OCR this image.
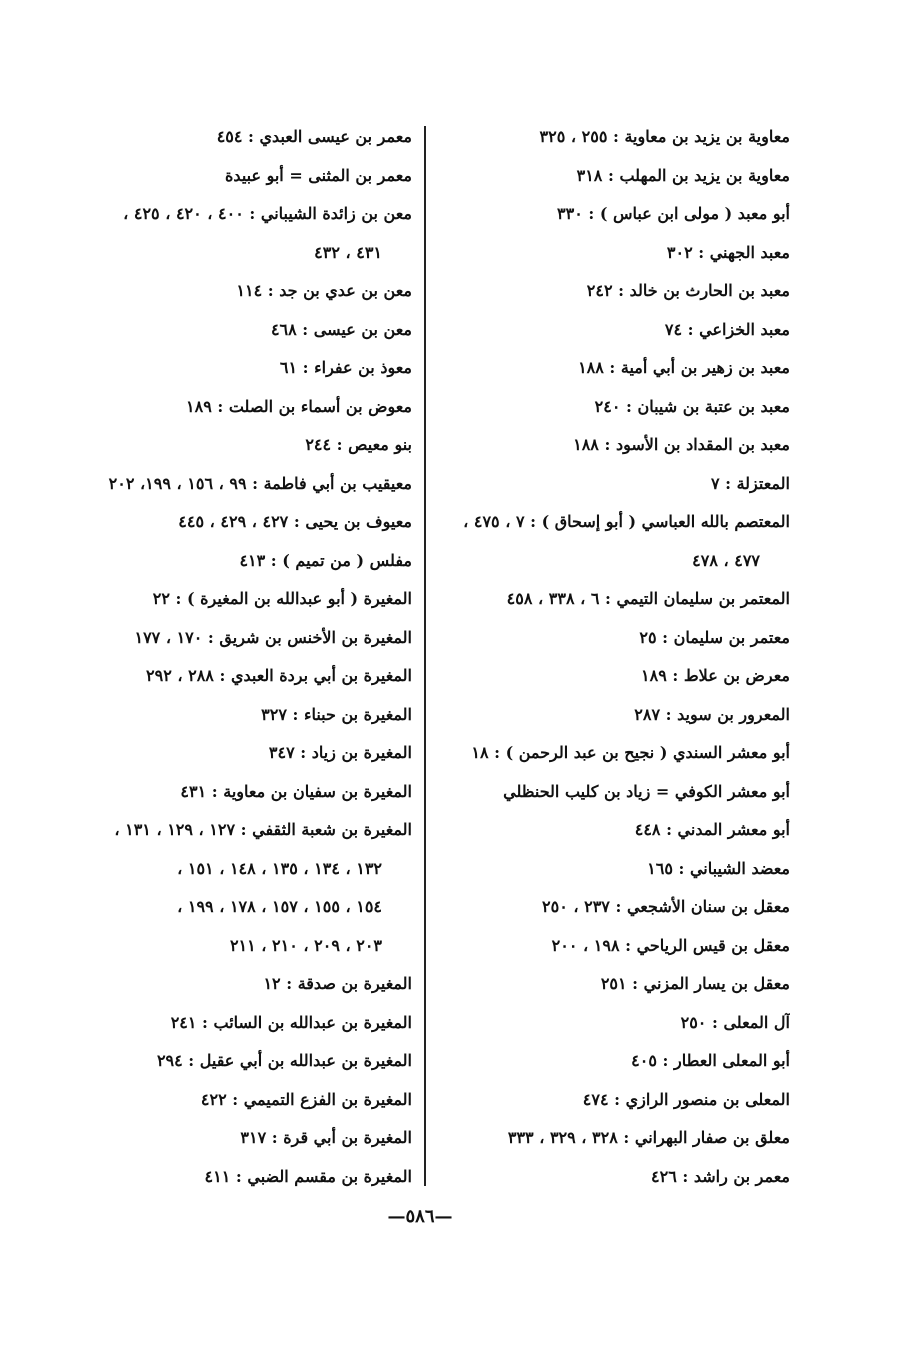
معاوية بن يزيد بن معاوية : ٢٥٥ ، ٣٢٥
معاوية بن يزيد بن المهلب : ٣١٨
أبو معبد ( مولى ابن عباس ) : ٣٣٠
معبد الجهني : ٣٠٢
معبد بن الحارث بن خالد : ٢٤٢
معبد الخزاعي : ٧٤
معبد بن زهير بن أبي أمية : ١٨٨
معبد بن عتبة بن شيبان : ٢٤٠
معبد بن المقداد بن الأسود : ١٨٨
المعتزلة : ٧
المعتصم بالله العباسي ( أبو إسحاق ) : ٧ ، ٤٧٥ ،
٤٧٧ ، ٤٧٨
المعتمر بن سليمان التيمي : ٦ ، ٣٣٨ ، ٤٥٨
معتمر بن سليمان : ٢٥
معرض بن علاط : ١٨٩
المعرور بن سويد : ٢٨٧
أبو معشر السندي ( نجيح بن عبد الرحمن ) : ١٨
أبو معشر الكوفي = زياد بن كليب الحنظلي
أبو معشر المدني : ٤٤٨
معضد الشيباني : ١٦٥
معقل بن سنان الأشجعي : ٢٣٧ ، ٢٥٠
معقل بن قيس الرياحي : ١٩٨ ، ٢٠٠
معقل بن يسار المزني : ٢٥١
آل المعلى : ٢٥٠
أبو المعلى العطار : ٤٠٥
المعلى بن منصور الرازي : ٤٧٤
معلق بن صفار البهراني : ٣٢٨ ، ٣٢٩ ، ٣٣٣
معمر بن راشد : ٤٢٦
معمر بن عيسى العبدي : ٤٥٤
معمر بن المثنى = أبو عبيدة
معن بن زائدة الشيباني : ٤٠٠ ، ٤٢٠ ، ٤٢٥ ،
٤٣١ ، ٤٣٢
معن بن عدي بن جد : ١١٤
معن بن عيسى : ٤٦٨
معوذ بن عفراء : ٦١
معوض بن أسماء بن الصلت : ١٨٩
بنو معيص : ٢٤٤
معيقيب بن أبي فاطمة : ٩٩ ، ١٥٦ ، ١٩٩، ٢٠٢
معيوف بن يحيى : ٤٢٧ ، ٤٢٩ ، ٤٤٥
مفلس ( من تميم ) : ٤١٣
المغيرة ( أبو عبدالله بن المغيرة ) : ٢٢
المغيرة بن الأخنس بن شريق : ١٧٠ ، ١٧٧
المغيرة بن أبي بردة العبدي : ٢٨٨ ، ٢٩٢
المغيرة بن حبناء : ٣٢٧
المغيرة بن زياد : ٣٤٧
المغيرة بن سفيان بن معاوية : ٤٣١
المغيرة بن شعبة الثقفي : ١٢٧ ، ١٢٩ ، ١٣١ ،
١٣٢ ، ١٣٤ ، ١٣٥ ، ١٤٨ ، ١٥١ ،
١٥٤ ، ١٥٥ ، ١٥٧ ، ١٧٨ ، ١٩٩ ،
٢٠٣ ، ٢٠٩ ، ٢١٠ ، ٢١١
المغيرة بن صدقة : ١٢
المغيرة بن عبدالله بن السائب : ٢٤١
المغيرة بن عبدالله بن أبي عقيل : ٢٩٤
المغيرة بن الفزع التميمي : ٤٢٢
المغيرة بن أبي قرة : ٣١٧
المغيرة بن مقسم الضبي : ٤١١
—٥٨٦—
